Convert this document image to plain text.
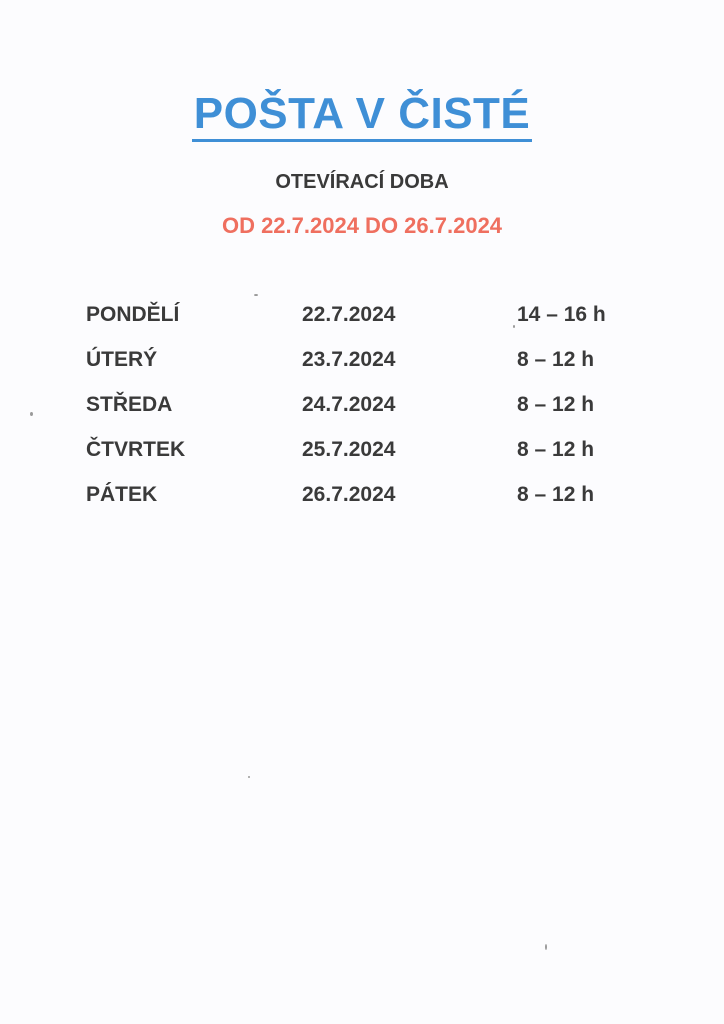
POŠTA V ČISTÉ
OTEVÍRACÍ DOBA
OD 22.7.2024 DO 26.7.2024
PONDĚLÍ	22.7.2024	14 – 16 h
ÚTERÝ	23.7.2024	8 – 12 h
STŘEDA	24.7.2024	8 – 12 h
ČTVRTEK	25.7.2024	8 – 12 h
PÁTEK	26.7.2024	8 – 12 h
